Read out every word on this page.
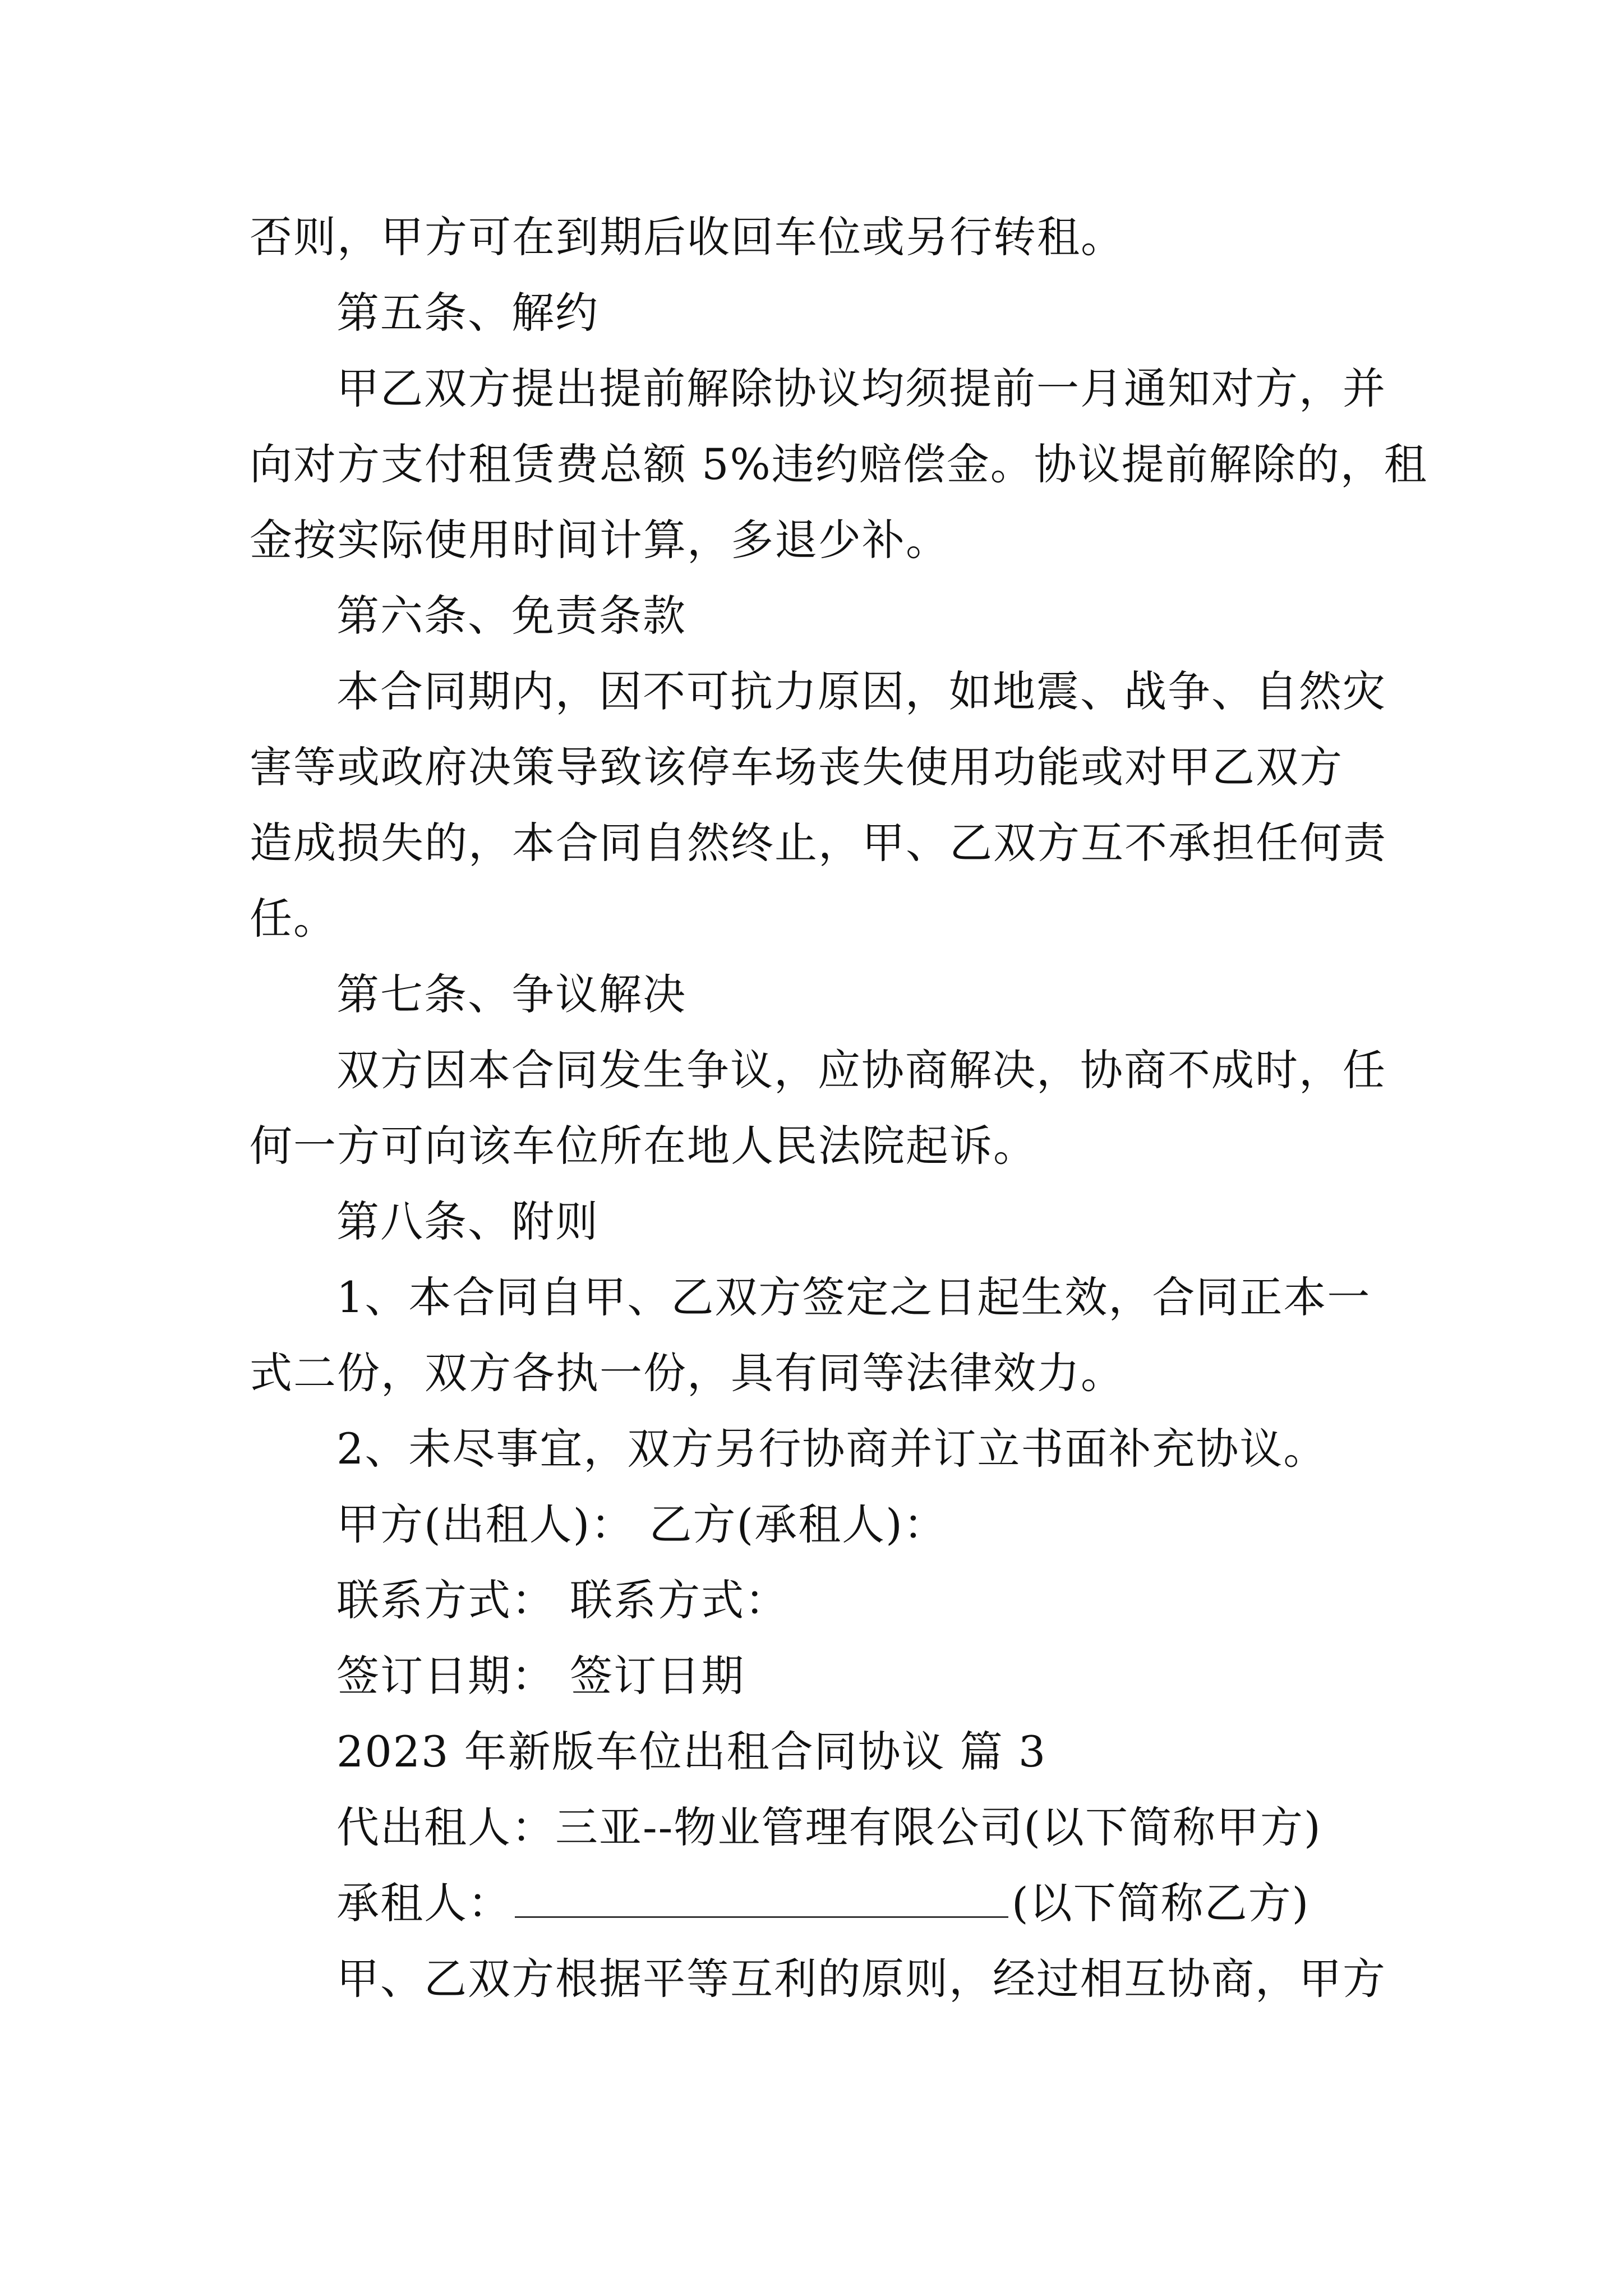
否则，甲方可在到期后收回车位或另行转租。
第五条、解约
甲乙双方提出提前解除协议均须提前一月通知对方，并
向对方支付租赁费总额 5%违约赔偿金。协议提前解除的，租
金按实际使用时间计算，多退少补。
第六条、免责条款
本合同期内，因不可抗力原因，如地震、战争、自然灾
害等或政府决策导致该停车场丧失使用功能或对甲乙双方
造成损失的，本合同自然终止，甲、乙双方互不承担任何责
任。
第七条、争议解决
双方因本合同发生争议，应协商解决，协商不成时，任
何一方可向该车位所在地人民法院起诉。
第八条、附则
1、本合同自甲、乙双方签定之日起生效，合同正本一
式二份，双方各执一份，具有同等法律效力。
2、未尽事宜，双方另行协商并订立书面补充协议。
甲方(出租人)： 乙方(承租人)：
联系方式： 联系方式：
签订日期： 签订日期
2023 年新版车位出租合同协议 篇 3
代出租人：三亚--物业管理有限公司(以下简称甲方)
承租人：	(以下简称乙方)
甲、乙双方根据平等互利的原则，经过相互协商，甲方
